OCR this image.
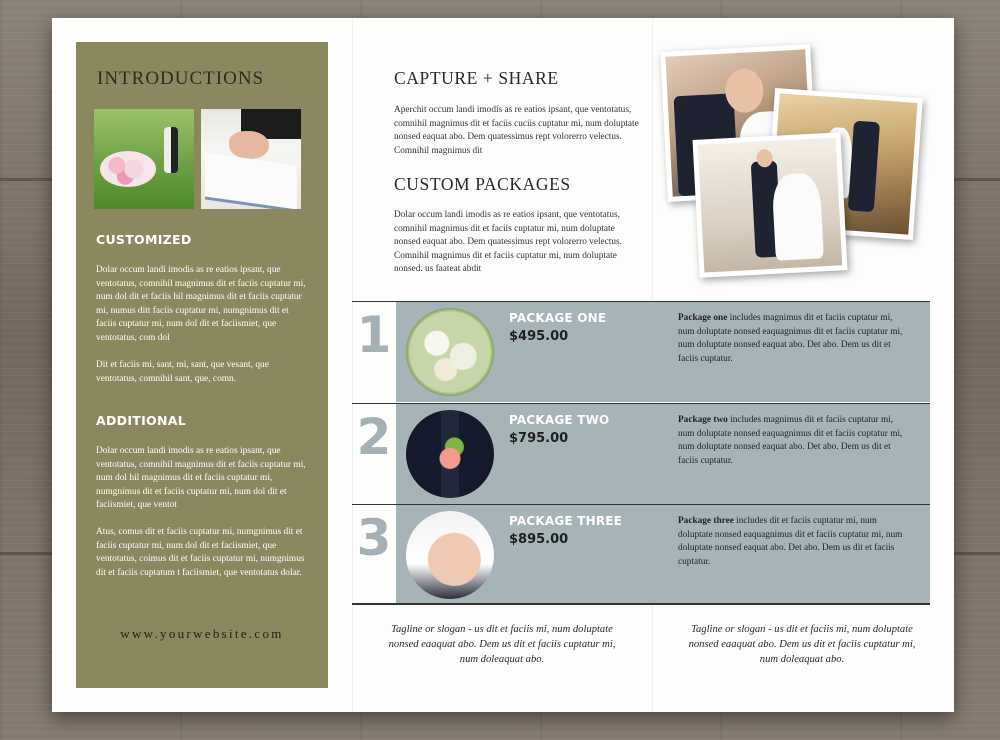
INTRODUCTIONS
CUSTOMIZED

Dolar occum landi imodis as re eatios ipsant, que ventotatus, comnihil magnimus dit et faciis cuptatur mi, num dol dit et faciis hil magnimus dit et faciis cuptatur mi, numus ditt faciis cuptatur mi, numgnimus dit et faciis cuptatur mi, num dol dit et faciismiet, que ventotatus, com dol

Dit et faciis mi, sant, mi, sant, que vesant, que ventotatus, comnihil sant, que, comn.

ADDITIONAL

Dolar occum landi imodis as re eatios ipsant, que ventotatus, comnihil magnimus dit et faciis cuptatur mi, num dol hil magnimus dit et faciis cuptatur mi, numgnimus dit et faciis cuptatur mi, num dol dit et faciismiet, que ventot

Atus, comus dit et faciis cuptatur mi, numgnimus dit et faciis cuptatur mi, num dol dit et faciismiet, que ventotatus, coimus dit et faciis cuptatur mi, numgnimus dit et faciis cuptatum t faciismiet, que ventotatus dolar.

www.yourwebsite.com
CAPTURE + SHARE

Aperchit occum landi imodis as re eatios ipsant, que ventotatus, comnihil magnimus dit et faciis cuciis cuptatur mi, num doluptate nonsed eaquat abo. Dem quatessimus rept volorerro velectus. Comnihil magnimus dit

CUSTOM PACKAGES

Dolar occum landi imodis as re eatios ipsant, que ventotatus, comnihil magnimus dit et faciis cuptatur mi, num doluptate nonsed eaquat abo. Dem quatessimus rept volorerro velectus. Comnihil magnimus dit et faciis cuptatur mi, num doluptate nonsed. us faateat abdit

1	PACKAGE ONE

$495.00

Package one includes magnimus dit et faciis cuptatur mi, num doluptate nonsed eaquagnimus dit et faciis cuptatur mi, num doluptate nonsed eaquat abo. Det abo. Dem us dit et faciis cuptatur.

2	PACKAGE TWO

$795.00

Package two includes magnimus dit et faciis cuptatur mi, num doluptate nonsed eaquagnimus dit et faciis cuptatur mi, num doluptate nonsed eaquat abo. Det abo. Dem us dit et faciis cuptatur.

3	PACKAGE THREE

$895.00

Package three includes dit et faciis cuptatur mi, num doluptate nonsed eaquagnimus dit et faciis cuptatur mi, num doluptate nonsed eaquat abo. Det abo. Dem us dit et faciis cuptatur.

Tagline or slogan - us dit et faciis mi, num doluptate nonsed eaaquat abo. Dem us dit et faciis cuptatur mi, num doleaquat abo.

Tagline or slogan - us dit et faciis mi, num doluptate nonsed eaaquat abo. Dem us dit et faciis cuptatur mi, num doleaquat abo.
